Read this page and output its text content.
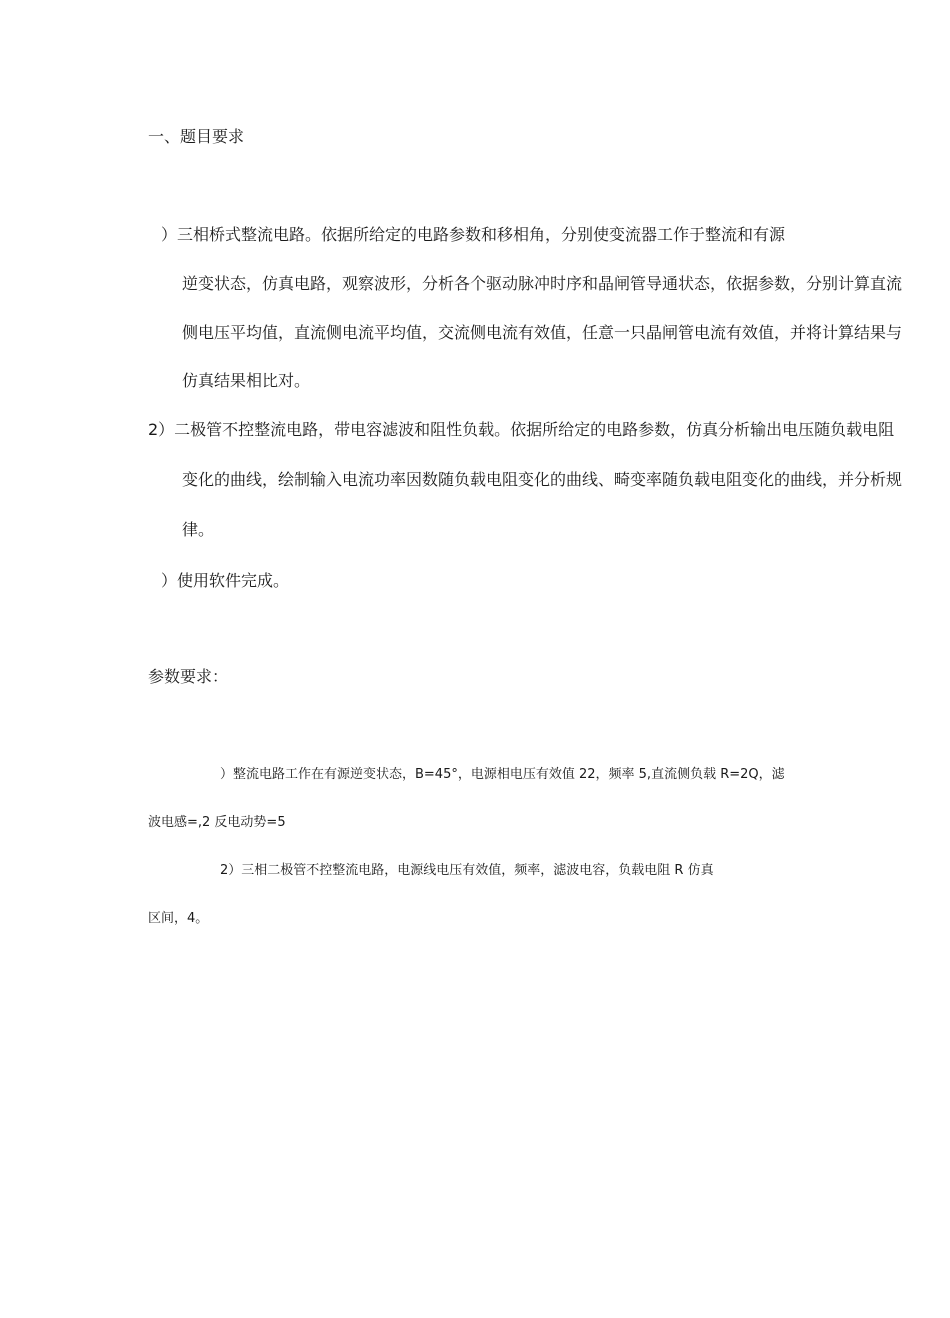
一、题目要求
）三相桥式整流电路。依据所给定的电路参数和移相角，分别使变流器工作于整流和有源
逆变状态，仿真电路，观察波形，分析各个驱动脉冲时序和晶闸管导通状态，依据参数，分别计算直流
侧电压平均值，直流侧电流平均值，交流侧电流有效值，任意一只晶闸管电流有效值，并将计算结果与
仿真结果相比对。
2）二极管不控整流电路，带电容滤波和阻性负载。依据所给定的电路参数，仿真分析输出电压随负载电阻
变化的曲线，绘制输入电流功率因数随负载电阻变化的曲线、畸变率随负载电阻变化的曲线，并分析规
律。
）使用软件完成。
参数要求：
）整流电路工作在有源逆变状态，B=45°，电源相电压有效值 22，频率 5,直流侧负载 R=2Q，滤
波电感=,2 反电动势=5
2）三相二极管不控整流电路，电源线电压有效值，频率，滤波电容，负载电阻 R 仿真
区间，4。
